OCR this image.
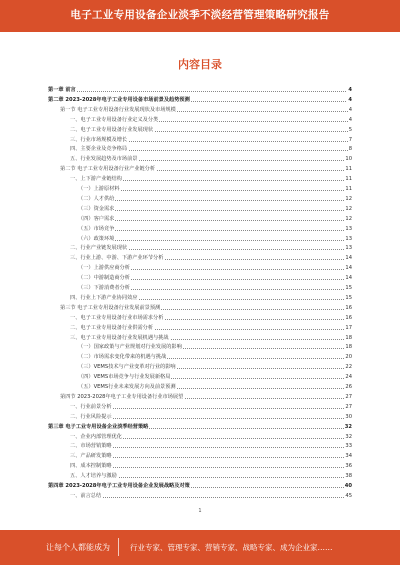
电子工业专用设备企业淡季不淡经营管理策略研究报告
内容目录
第一章 前言	4
第二章 2023-2028年电子工业专用设备市场前景及趋势预测	4
第一节 电子工业专用设备行业发展现状及市场规模	4
一、电子工业专用设备行业定义及分类	4
二、电子工业专用设备行业发展现状	5
三、行业市场规模及增长	7
四、主要企业及竞争格局	8
五、行业发展趋势及市场前景	10
第二节 电子工业专用设备行业产业链分析	11
一、上下游产业链结构	11
（一）上游原材料	11
（二）人才供给	12
（三）资金需求	12
（四）客户需求	12
（五）市场竞争	13
（六）政策环境	13
二、行业产业链发展现状	13
三、行业上游、中游、下游产业环节分析	14
（一）上游供应商分析	14
（二）中游制造商分析	14
（三）下游消费者分析	15
四、行业上下游产业协同效应	15
第三节 电子工业专用设备行业发展前景预测	16
一、电子工业专用设备行业市场需求分析	16
二、电子工业专用设备行业供需分析	17
三、电子工业专用设备行业发展机遇与挑战	18
（一）国家政策与产业规划对行业发展的影响	18
（二）市场需求变化带来的机遇与挑战	20
（三）VEMS技术与产业变革对行业的影响	22
（四）VEMS市场竞争与行业发展新格局	24
（五）VEMS行业未来发展方向及前景预测	26
第四节 2023-2028年电子工业专用设备行业市场展望	27
一、行业前景分析	27
二、行业风险提示	30
第三章 电子工业专用设备企业淡季经营策略	32
一、企业内部管理优化	32
二、市场营销策略	33
三、产品研发策略	34
四、成本控制策略	36
五、人才培养与激励	38
第四章 2023-2028年电子工业专用设备企业发展战略及对策	40
一、前言总结	45
1
让每个人都能成为	行业专家、管理专家、营销专家、战略专家、成为企业家……
